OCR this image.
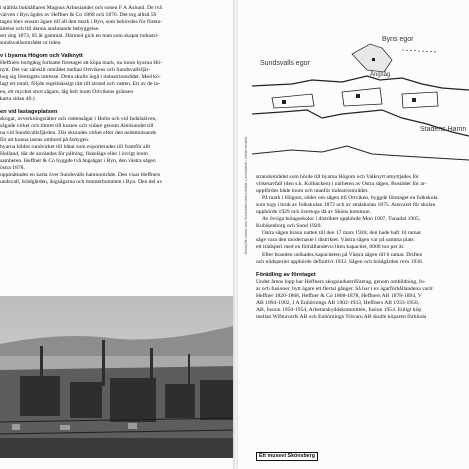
i ställda bokhållaren Magnus Arbusiander och sonen F A Åslund. De två

värven i Byn ägdes av Heffner & Co 1868 och 1876. Det tog alltså 56

tagen blev ensam ägare till all den mark i Byn, som behövdes för företa-

ättelse och till denna anslutande bebyggelse.

ser dog 1873, 85 år gammal. Därmed gick en man som skapat industri-

sundsvallsområdet ur tiden.

v i byarna Högom och Valknytt

Heffners bortgång fortsatte företaget att köpa mark, nu inom byarna Hö-

nytt. Det var särskilt området mellan Ortvikens och Sundsvallsfjär-

bog sig företagets intresse. Detta skulle ingå i industriområdet. Med kö-

lagt ett totalt, följde regelmässigt rätt till strand och vatten. Ett av de in-

en, ett mycket stort sågam, låg helt inom Ortvikens gränsen

karta sidan 46.)

en vid lastageplatsen

skogar, avverkningsrätter och vattensågar i Holm och vid Indalsälven,

sågade virket och timret till kusten och vidare genom Alnösundet till

na vid Sundsvallsfjärden. Där skurades virket efter den nedsmutsande

för att kunna lastas ombord på fartygen.

byarna bildes rundvirket till båtar som exporterades till framför allt

Holland, där de användes för pålning, fiskeläge eller i övrigt inom

samheten. Heffner & Co byggde två ångsågar i Byn, den västra sågen

östra 1878.

uppmättades en karta över Sundsvalls hamnområde. Den visar Heffners

undsvall, brädgården, ångsågarna och timmerbommen i Byn. Den del av	Detalj från kartan över Sundsvalls hamnområde. Lantmäteriet i Västernorrland.
Byns egor
Sundsvalls egor
Ångsåg
Stadens Hamn

strandområdet som hörde till byarna Högom och Valknytt utnyttjades för

virkesavfall (den s.k. Kolbacken) i närheten av Östra sågen. Bostäder för ar-

uppfördes både inom och utanför industriområdet.

På mark i Högom, söder om sågen till Ortviken, byggde företaget en folkskola

som togs i bruk av folkskolan 1872 och av småskolan 1875. Ansvaret för skolan

upphörde 1929 och övertogs då av Sköns kommun.

Av övriga bolagsskolor i distriktet upphörde Mon 1907, Tunadal 1905,

Kubikenborg och Sund 1920.

Östra sågen brann natten till den 17 mars 1926; den hade haft 10 ramar.

såge vara den modernaste i distriktet. Västra sågen var på samma plats

ett trädsperi med en förhållandevis liten kapacitet, 6000 ton per år.

Efter branden utökades kapaciteten på Västra sågen till 6 ramar. Driften

och trädsperiet upphörde definitivt 1933. Sågen och brädgården revs 1936.

Förädling av företaget

Under årens lopp har Heffners skogsindustriföretag, genom ombildning, fu-

ar och fusioner, bytt ägare ett flertal gånger. Så har t ex ägarförhållandena varit:

Heffner 1820-1868, Heffner & Co 1868-1878, Heffners AB 1878-1894, V

AB 1894-1902, J A Enhörnings AB 1902-1933, Heffners AB 1933-1950,

AB, fusion 1950-1954, Arbetarskyddskommittén, fusion 1954. Enligt köp

mellan Wifstavarfs AB och Enhörnings Trävaru AB skulle köparen förbinda

Ett museet Skönsberg
